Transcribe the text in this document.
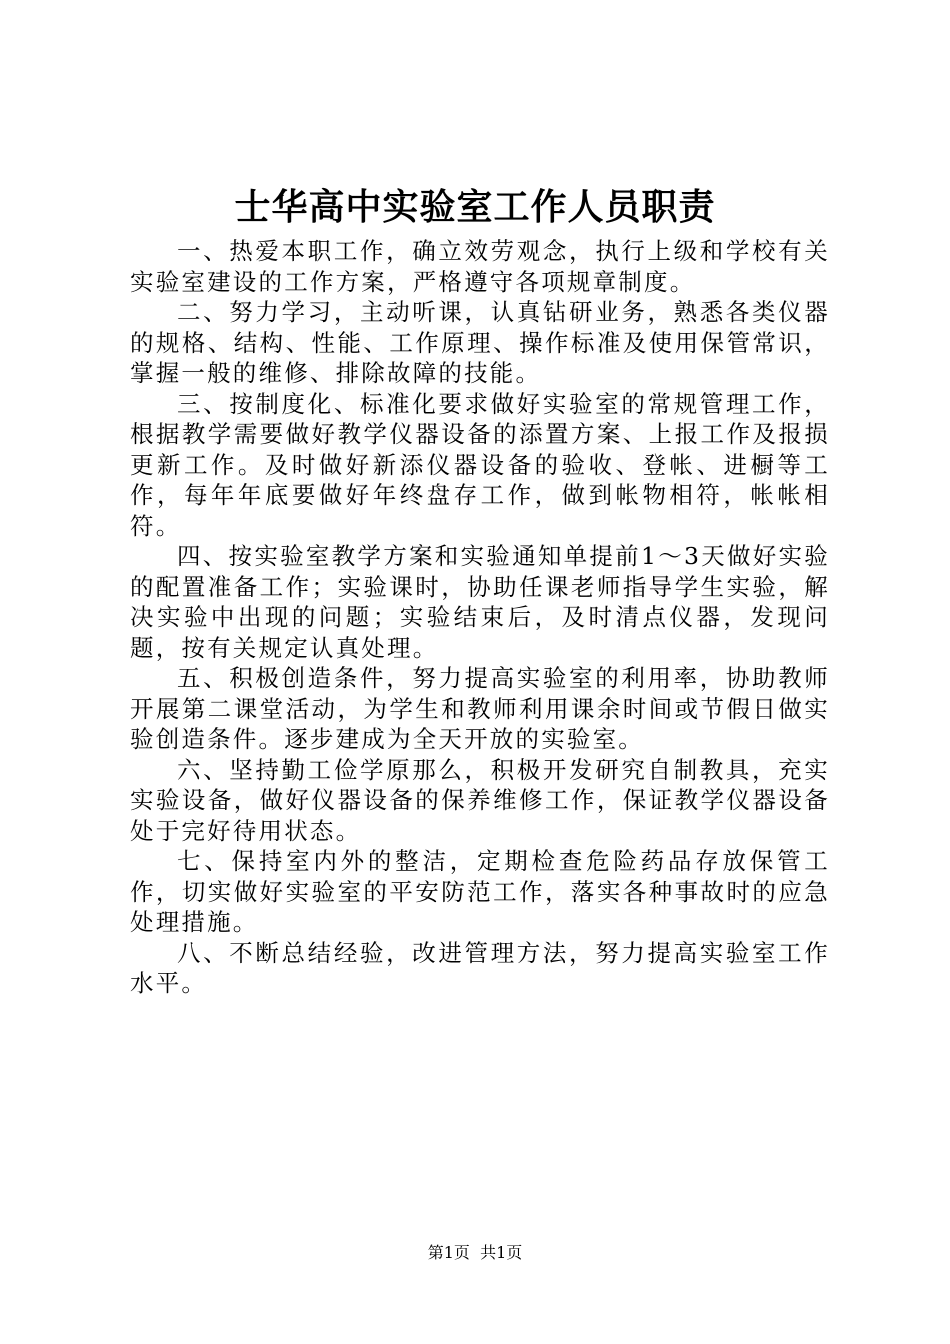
士华高中实验室工作人员职责

一、热爱本职工作，确立效劳观念，执行上级和学校有关实验室建设的工作方案，严格遵守各项规章制度。

二、努力学习，主动听课，认真钻研业务，熟悉各类仪器的规格、结构、性能、工作原理、操作标准及使用保管常识，掌握一般的维修、排除故障的技能。

三、按制度化、标准化要求做好实验室的常规管理工作，根据教学需要做好教学仪器设备的添置方案、上报工作及报损更新工作。及时做好新添仪器设备的验收、登帐、进橱等工作，每年年底要做好年终盘存工作，做到帐物相符，帐帐相符。

四、按实验室教学方案和实验通知单提前1～3天做好实验的配置准备工作；实验课时，协助任课老师指导学生实验，解决实验中出现的问题；实验结束后，及时清点仪器，发现问题，按有关规定认真处理。

五、积极创造条件，努力提高实验室的利用率，协助教师开展第二课堂活动，为学生和教师利用课余时间或节假日做实验创造条件。逐步建成为全天开放的实验室。

六、坚持勤工俭学原那么，积极开发研究自制教具，充实实验设备，做好仪器设备的保养维修工作，保证教学仪器设备处于完好待用状态。

七、保持室内外的整洁，定期检查危险药品存放保管工作，切实做好实验室的平安防范工作，落实各种事故时的应急处理措施。

八、不断总结经验，改进管理方法，努力提高实验室工作水平。

第1页 共1页
